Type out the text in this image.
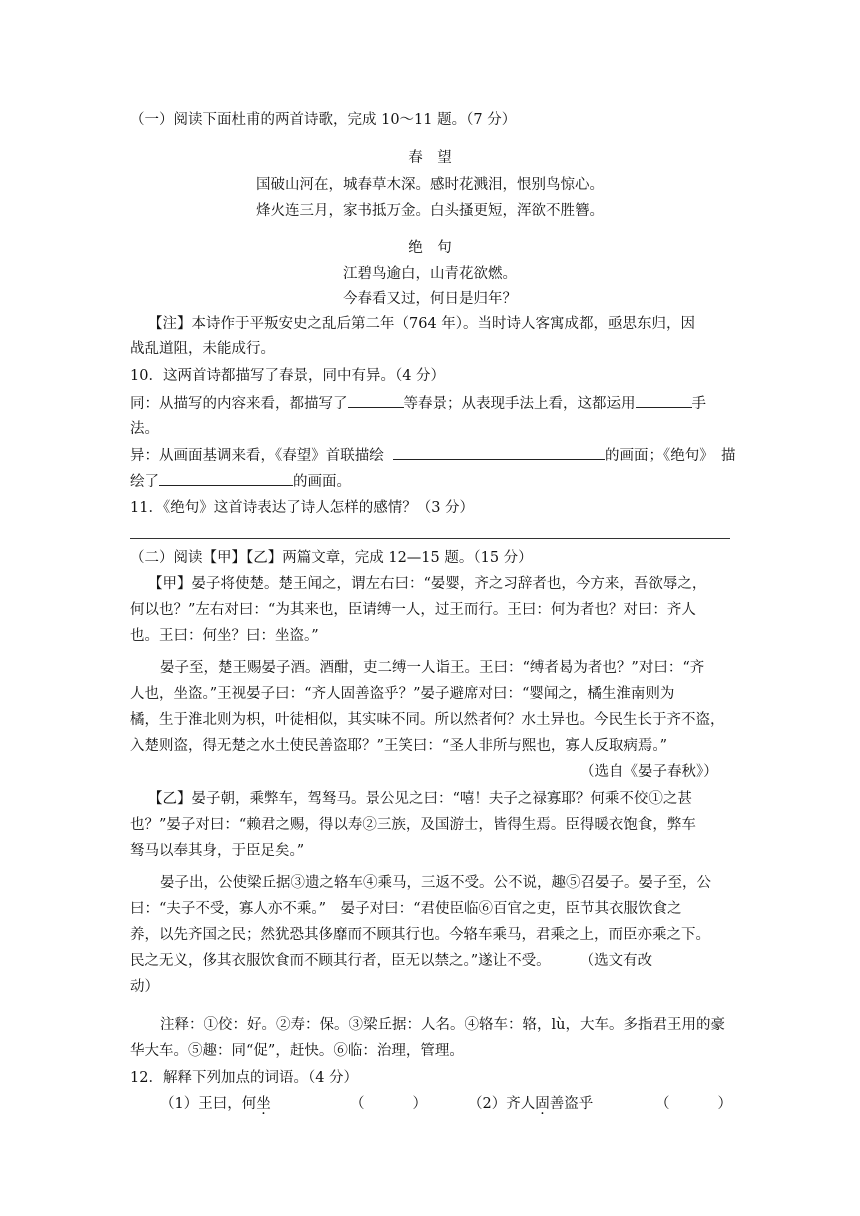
（一）阅读下面杜甫的两首诗歌，完成 10～11 题。（7 分）
春　望
国破山河在，城春草木深。感时花溅泪，恨别鸟惊心。
烽火连三月，家书抵万金。白头搔更短，浑欲不胜簪。
绝　句
江碧鸟逾白，山青花欲燃。
今春看又过，何日是归年？
【注】本诗作于平叛安史之乱后第二年（764 年）。当时诗人客寓成都，亟思东归，因
战乱道阻，未能成行。
10．这两首诗都描写了春景，同中有异。（4 分）
同：从描写的内容来看，都描写了	等春景；从表现手法上看，这都运用	手
法。
异：从画面基调来看，《春望》首联描绘	的画面；《绝句》　描
绘了	的画面。
11．《绝句》这首诗表达了诗人怎样的感情？（3 分）
（二）阅读【甲】【乙】两篇文章，完成 12—15 题。（15 分）
【甲】晏子将使楚。楚王闻之，谓左右曰：“晏婴，齐之习辞者也，今方来，吾欲辱之，
何以也？”左右对曰：“为其来也，臣请缚一人，过王而行。王曰：何为者也？对曰：齐人
也。王曰：何坐？曰：坐盗。”
晏子至，楚王赐晏子酒。酒酣，吏二缚一人诣王。王曰：“缚者曷为者也？”对曰：“齐
人也，坐盗。”王视晏子曰：“齐人固善盗乎？”晏子避席对曰：“婴闻之，橘生淮南则为
橘，生于淮北则为枳，叶徒相似，其实味不同。所以然者何？水土异也。今民生长于齐不盗，
入楚则盗，得无楚之水土使民善盗耶？”王笑曰：“圣人非所与熙也，寡人反取病焉。”
（选自《晏子春秋》）
【乙】晏子朝，乘弊车，驾驽马。景公见之曰：“嘻！夫子之禄寡耶？何乘不佼①之甚
也？”晏子对曰：“赖君之赐，得以寿②三族，及国游士，皆得生焉。臣得暖衣饱食，弊车
驽马以奉其身，于臣足矣。”
晏子出，公使梁丘据③遗之辂车④乘马，三返不受。公不说，趣⑤召晏子。晏子至，公
曰：“夫子不受，寡人亦不乘。”　晏子对曰：“君使臣临⑥百官之吏，臣节其衣服饮食之
养，以先齐国之民；然犹恐其侈靡而不顾其行也。今辂车乘马，君乘之上，而臣亦乘之下。
民之无义，侈其衣服饮食而不顾其行者，臣无以禁之。”遂让不受。　　　（选文有改
动）
注释：①佼：好。②寿：保。③梁丘据：人名。④辂车：辂，lù，大车。多指君王用的豪
华大车。⑤趣：同“促”，赶快。⑥临：治理，管理。
12．解释下列加点的词语。（4 分）
（1）王曰，何坐	（	）	（2）齐人固善盗乎	（	）
